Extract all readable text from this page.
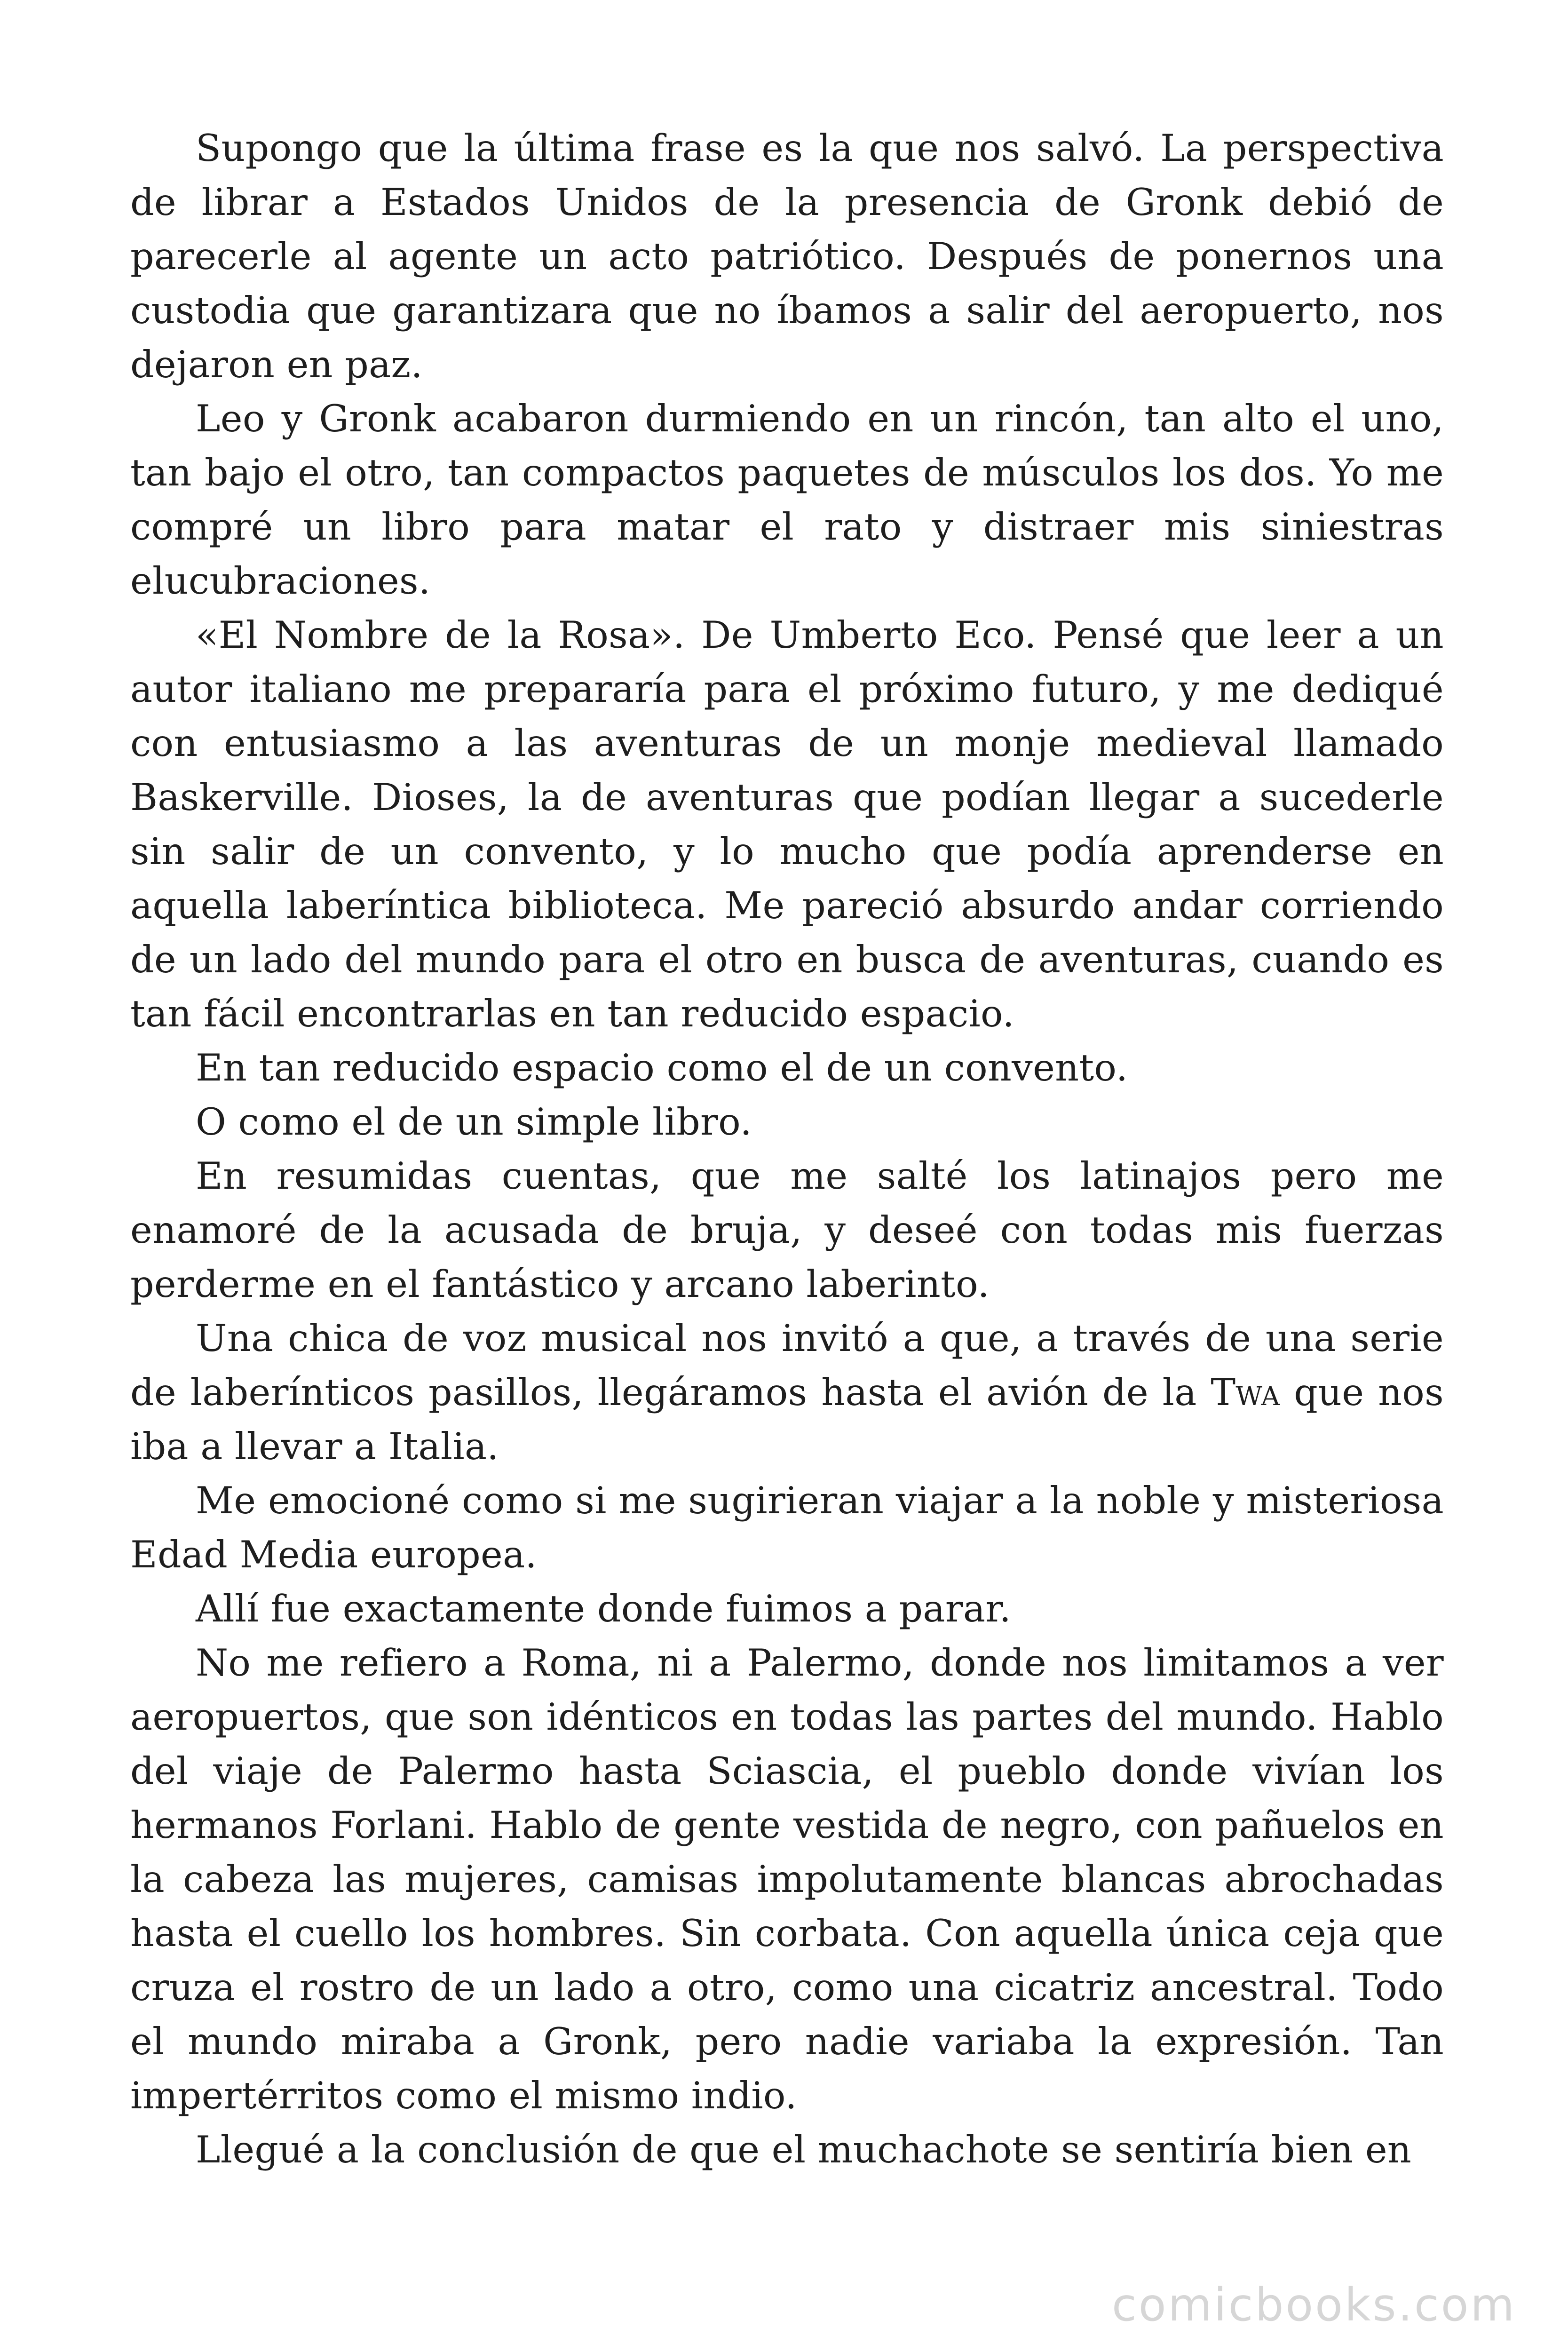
Supongo que la última frase es la que nos salvó. La perspectiva de librar a Estados Unidos de la presencia de Gronk debió de parecerle al agente un acto patriótico. Después de ponernos una custodia que garantizara que no íbamos a salir del aeropuerto, nos dejaron en paz.

Leo y Gronk acabaron durmiendo en un rincón, tan alto el uno, tan bajo el otro, tan compactos paquetes de músculos los dos. Yo me compré un libro para matar el rato y distraer mis siniestras elucubraciones.

«El Nombre de la Rosa». De Umberto Eco. Pensé que leer a un autor italiano me prepararía para el próximo futuro, y me dediqué con entusiasmo a las aventuras de un monje medieval llamado Baskerville. Dioses, la de aventuras que podían llegar a sucederle sin salir de un convento, y lo mucho que podía aprenderse en aquella laberíntica biblioteca. Me pareció absurdo andar corriendo de un lado del mundo para el otro en busca de aventuras, cuando es tan fácil encontrarlas en tan reducido espacio.

En tan reducido espacio como el de un convento.

O como el de un simple libro.

En resumidas cuentas, que me salté los latinajos pero me enamoré de la acusada de bruja, y deseé con todas mis fuerzas perderme en el fantástico y arcano laberinto.

Una chica de voz musical nos invitó a que, a través de una serie de laberínticos pasillos, llegáramos hasta el avión de la Twa que nos iba a llevar a Italia.

Me emocioné como si me sugirieran viajar a la noble y misteriosa Edad Media europea.

Allí fue exactamente donde fuimos a parar.

No me refiero a Roma, ni a Palermo, donde nos limitamos a ver aeropuertos, que son idénticos en todas las partes del mundo. Hablo del viaje de Palermo hasta Sciascia, el pueblo donde vivían los hermanos Forlani. Hablo de gente vestida de negro, con pañuelos en la cabeza las mujeres, camisas impolutamente blancas abrochadas hasta el cuello los hombres. Sin corbata. Con aquella única ceja que cruza el rostro de un lado a otro, como una cicatriz ancestral. Todo el mundo miraba a Gronk, pero nadie variaba la expresión. Tan impertérritos como el mismo indio.

Llegué a la conclusión de que el muchachote se sentiría bien en

comicbooks.com
